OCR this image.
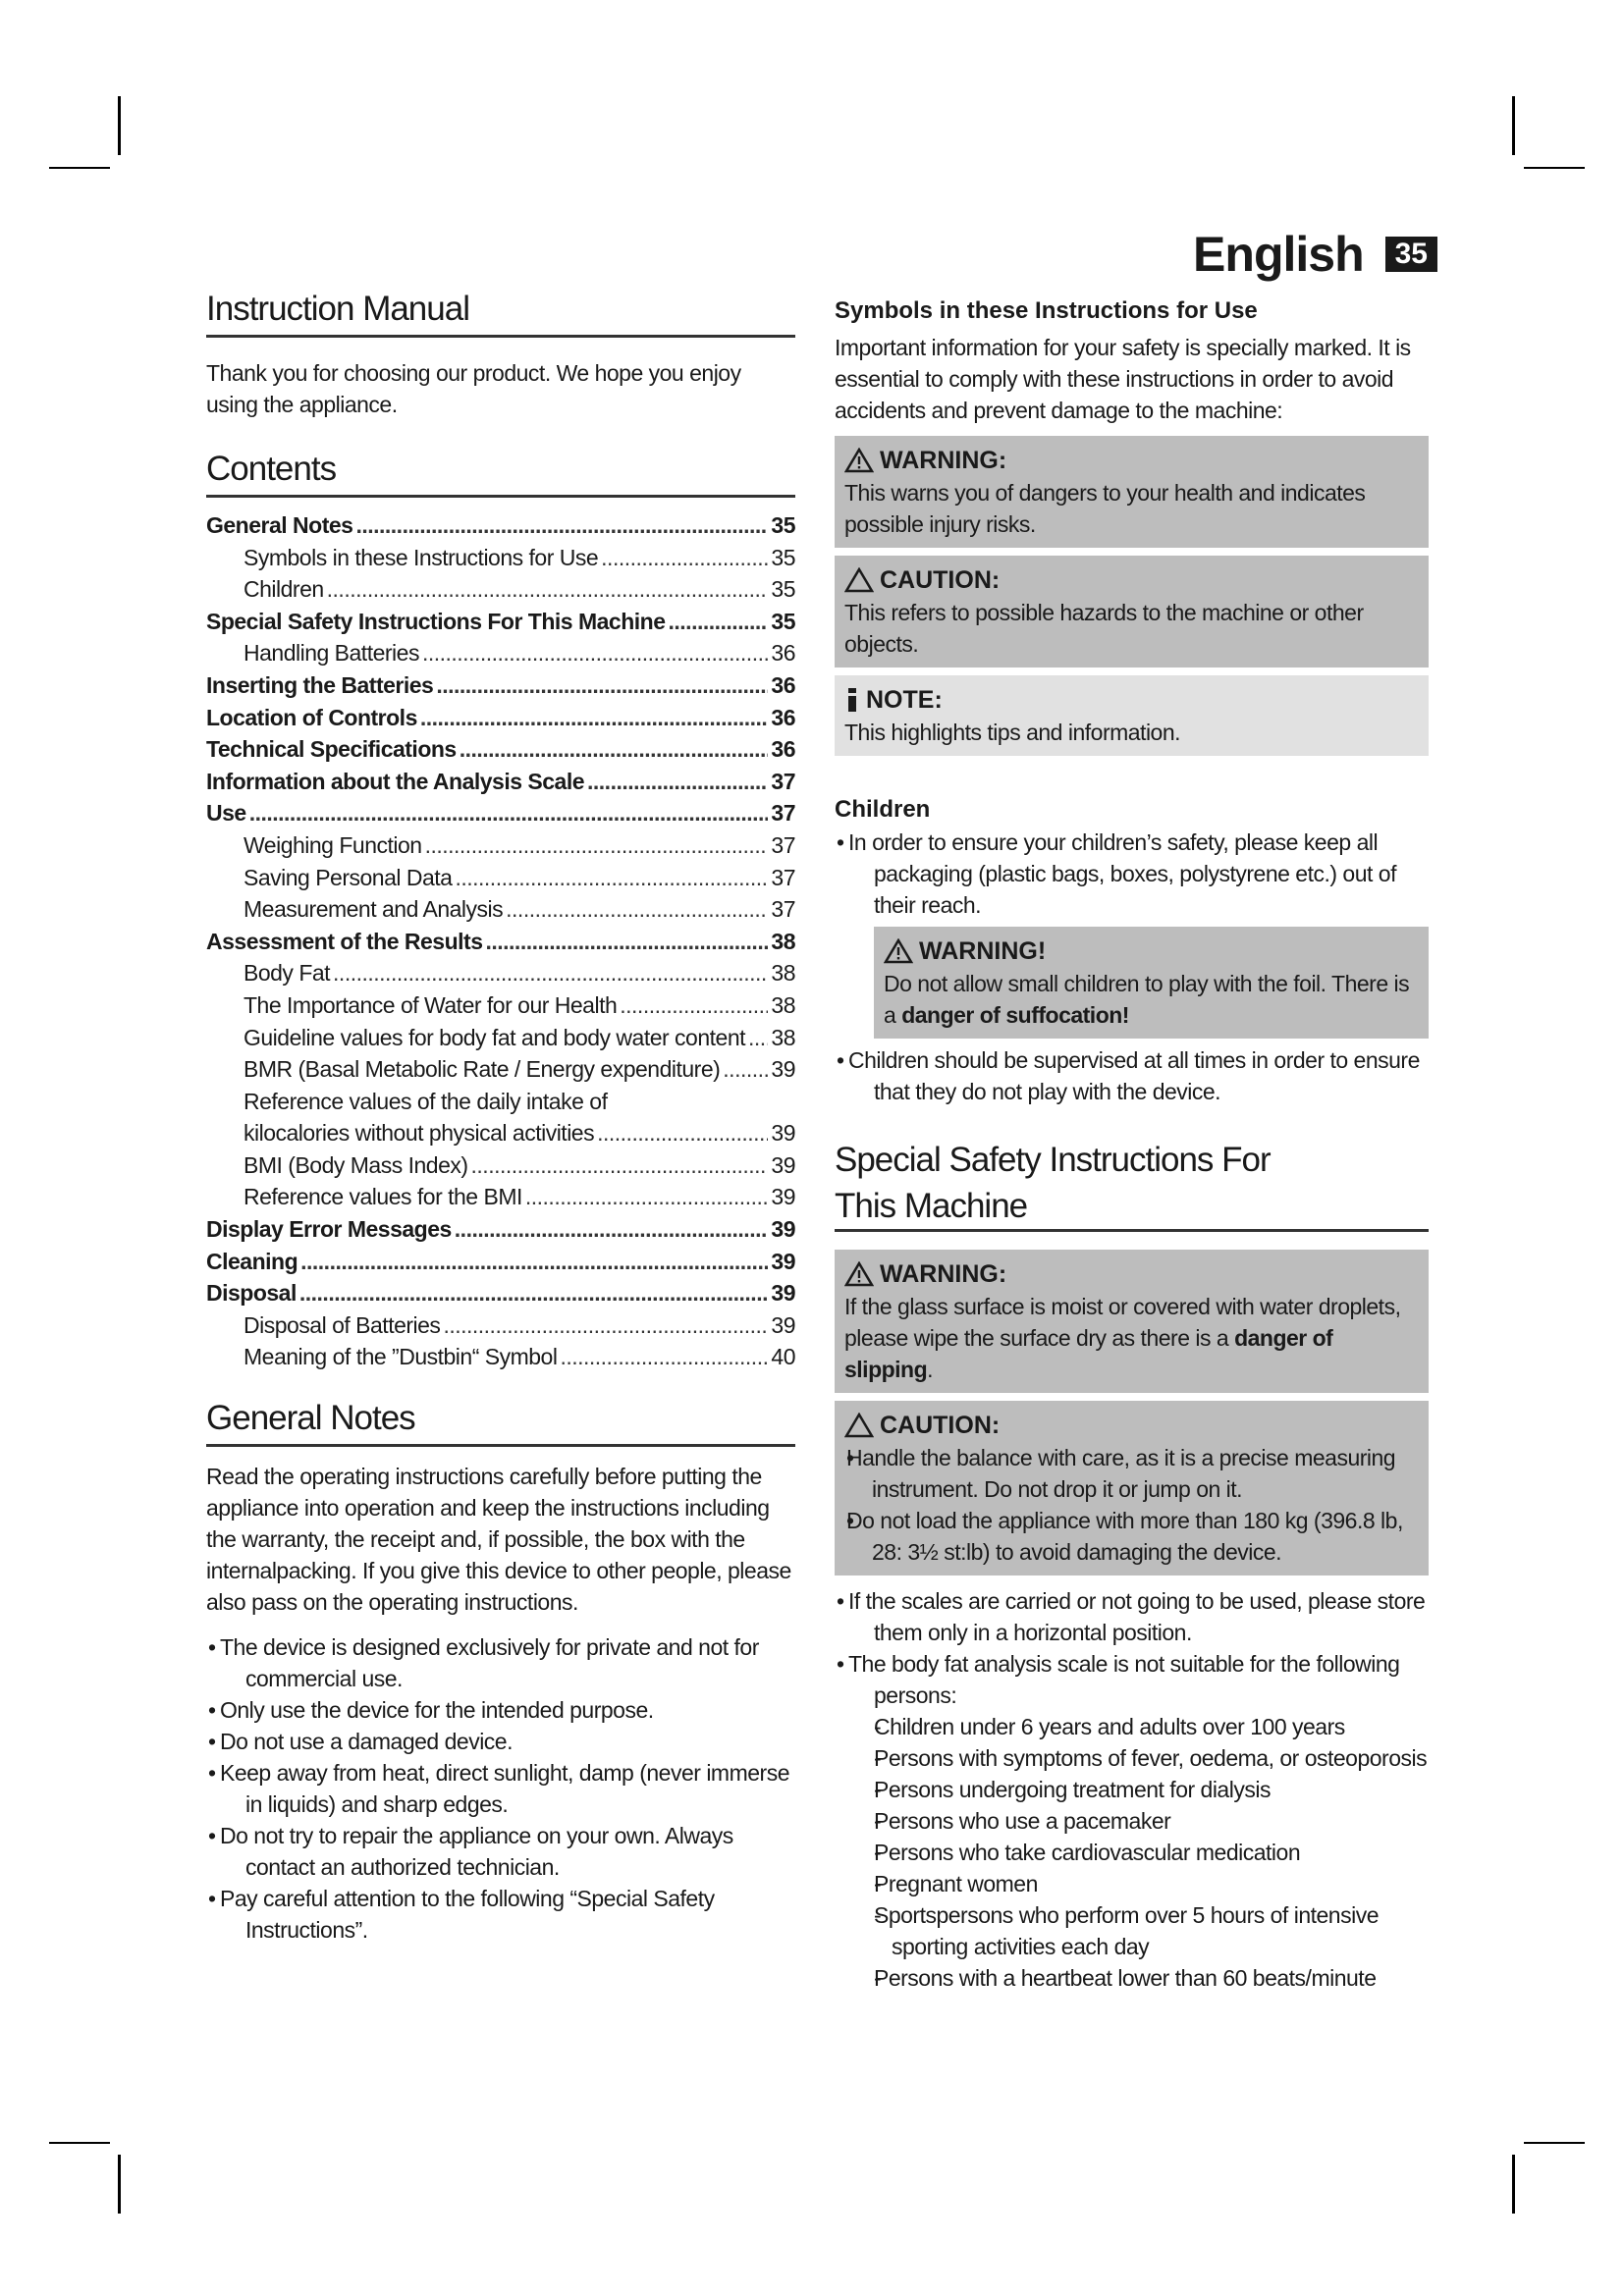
English	35
Instruction Manual

Thank you for choosing our product. We hope you enjoy using the appliance.

Contents
General Notes .....	35
Symbols in these Instructions for Use .....	35
Children .....	35
Special Safety Instructions For This Machine .....	35
Handling Batteries .....	36
Inserting the Batteries .....	36
Location of Controls .....	36
Technical Specifications .....	36
Information about the Analysis Scale .....	37
Use .....	37
Weighing Function .....	37
Saving Personal Data .....	37
Measurement and Analysis .....	37
Assessment of the Results .....	38
Body Fat .....	38
The Importance of Water for our Health .....	38
Guideline values for body fat and body water content ..... 38
BMR (Basal Metabolic Rate / Energy expenditure) ..... 39
Reference values of the daily intake of
kilocalories without physical activities .....	39
BMI (Body Mass Index) .....	39
Reference values for the BMI .....	39
Display Error Messages .....	39
Cleaning .....	39
Disposal .....	39
Disposal of Batteries .....	39
Meaning of the ”Dustbin“ Symbol .....	40
General Notes

Read the operating instructions carefully before putting the appliance into operation and keep the instructions including the warranty, the receipt and, if possible, the box with the internalpacking. If you give this device to other people, please also pass on the operating instructions.

• The device is designed exclusively for private and not for commercial use.
• Only use the device for the intended purpose.
• Do not use a damaged device.
• Keep away from heat, direct sunlight, damp (never immerse in liquids) and sharp edges.
• Do not try to repair the appliance on your own. Always contact an authorized technician.
• Pay careful attention to the following “Special Safety Instructions”.
Symbols in these Instructions for Use

Important information for your safety is specially marked. It is essential to comply with these instructions in order to avoid accidents and prevent damage to the machine:

WARNING:
This warns you of dangers to your health and indicates possible injury risks.
CAUTION:
This refers to possible hazards to the machine or other objects.
NOTE:
This highlights tips and information.
Children
• In order to ensure your children’s safety, please keep all packaging (plastic bags, boxes, polystyrene etc.) out of their reach.
WARNING!
Do not allow small children to play with the foil. There is a danger of suffocation!
• Children should be supervised at all times in order to ensure that they do not play with the device.
Special Safety Instructions For
This Machine
WARNING:
If the glass surface is moist or covered with water droplets, please wipe the surface dry as there is a danger of slipping.
CAUTION:
• Handle the balance with care, as it is a precise measuring instrument. Do not drop it or jump on it.
• Do not load the appliance with more than 180 kg (396.8 lb, 28: 3½ st:lb) to avoid damaging the device.
• If the scales are carried or not going to be used, please store them only in a horizontal position.
• The body fat analysis scale is not suitable for the following persons:
- Children under 6 years and adults over 100 years
- Persons with symptoms of fever, oedema, or osteoporosis
- Persons undergoing treatment for dialysis
- Persons who use a pacemaker
- Persons who take cardiovascular medication
- Pregnant women
- Sportspersons who perform over 5 hours of intensive sporting activities each day
- Persons with a heartbeat lower than 60 beats/minute
